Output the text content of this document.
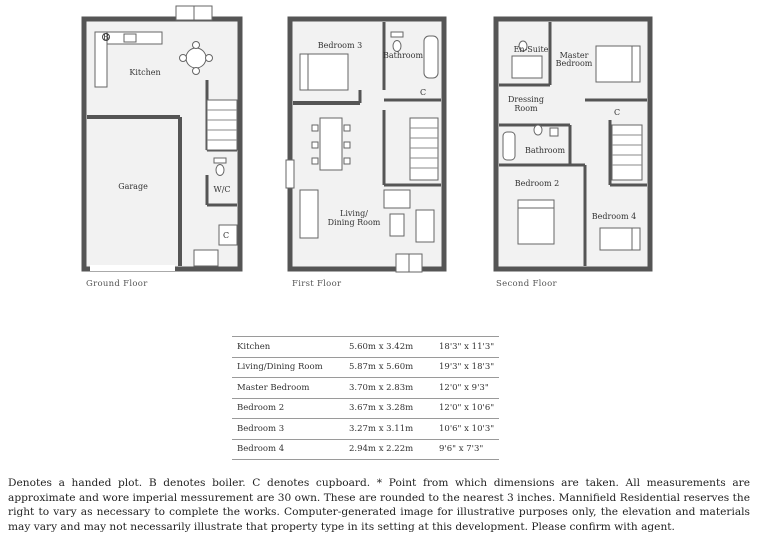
Kitchen
Garage	W/C
C
B
Bedroom 3
Bathroom
C
Living/
Dining Room
En-Suite
Master
Bedroom
Dressing
Room	C
Bathroom
Bedroom 2
Bedroom 4
Ground Floor	First Floor	Second Floor
Kitchen	5.60m x 3.42m	18'3" x 11'3"
Living/Dining Room	5.87m x 5.60m	19'3" x 18'3"
Master Bedroom	3.70m x 2.83m	12'0" x 9'3"
Bedroom 2	3.67m x 3.28m	12'0" x 10'6"
Bedroom 3	3.27m x 3.11m	10'6" x 10'3"
Bedroom 4	2.94m x 2.22m	9'6" x 7'3"
Denotes a handed plot. B denotes boiler. C denotes cupboard. * Point from which dimensions are taken. All measurements are approximate and wore imperial messurement are 30 own. These are rounded to the nearest 3 inches. Mannifield Residential reserves the right to vary as necessary to complete the works. Computer-generated image for illustrative purposes only, the elevation and materials may vary and may not necessarily illustrate that property type in its setting at this development. Please confirm with agent.
